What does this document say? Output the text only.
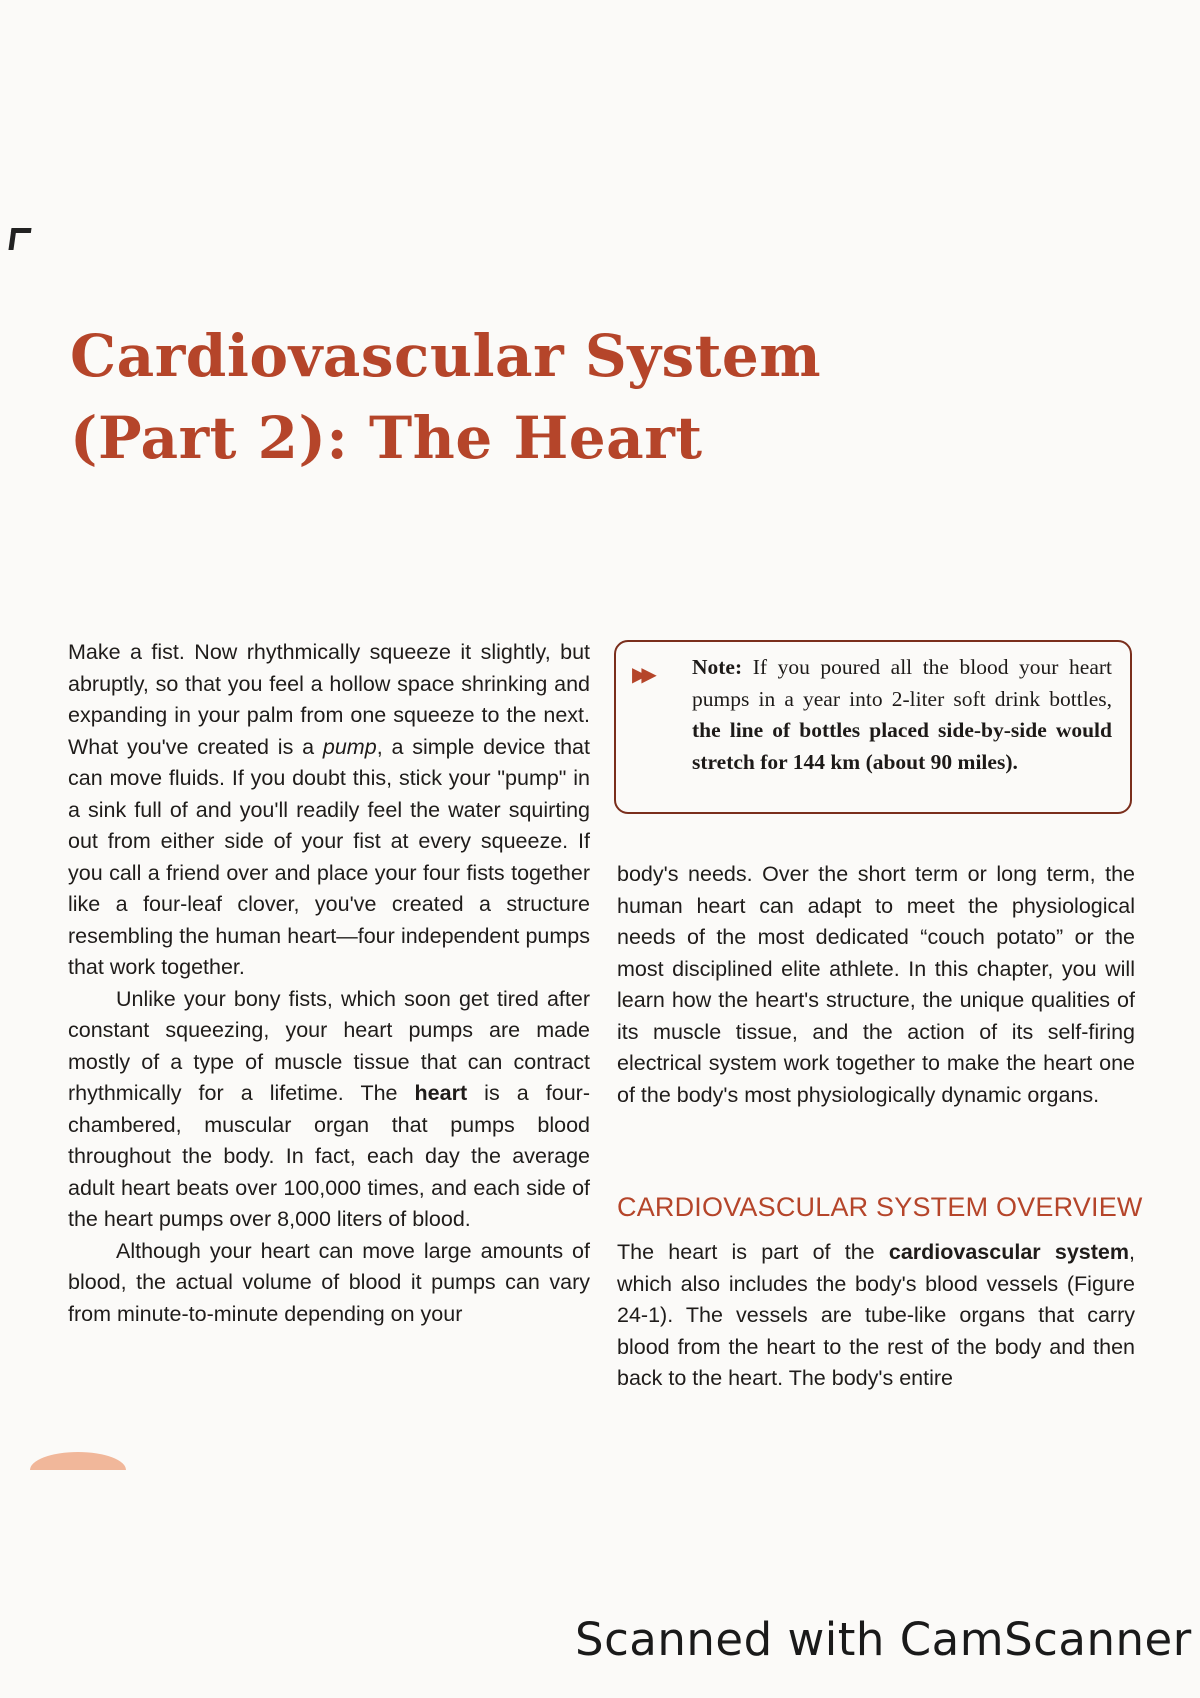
Cardiovascular System
(Part 2): The Heart

Make a fist. Now rhythmically squeeze it slightly, but abruptly, so that you feel a hollow space shrinking and expanding in your palm from one squeeze to the next. What you've created is a pump, a simple device that can move fluids. If you doubt this, stick your "pump" in a sink full of and you'll readily feel the water squirting out from either side of your fist at every squeeze. If you call a friend over and place your four fists together like a four-leaf clover, you've created a structure resembling the human heart—four independent pumps that work together.

Unlike your bony fists, which soon get tired after constant squeezing, your heart pumps are made mostly of a type of muscle tissue that can contract rhythmically for a lifetime. The heart is a four-chambered, muscular organ that pumps blood throughout the body. In fact, each day the average adult heart beats over 100,000 times, and each side of the heart pumps over 8,000 liters of blood.

Although your heart can move large amounts of blood, the actual volume of blood it pumps can vary from minute-to-minute depending on your

▶▶ Note: If you poured all the blood your heart pumps in a year into 2-liter soft drink bottles, the line of bottles placed side-by-side would stretch for 144 km (about 90 miles).

body's needs. Over the short term or long term, the human heart can adapt to meet the physiological needs of the most dedicated “couch potato” or the most disciplined elite athlete. In this chapter, you will learn how the heart's structure, the unique qualities of its muscle tissue, and the action of its self-firing electrical system work together to make the heart one of the body's most physiologically dynamic organs.

CARDIOVASCULAR SYSTEM OVERVIEW

The heart is part of the cardiovascular system, which also includes the body's blood vessels (Figure 24-1). The vessels are tube-like organs that carry blood from the heart to the rest of the body and then back to the heart. The body's entire

Scanned with CamScanner
